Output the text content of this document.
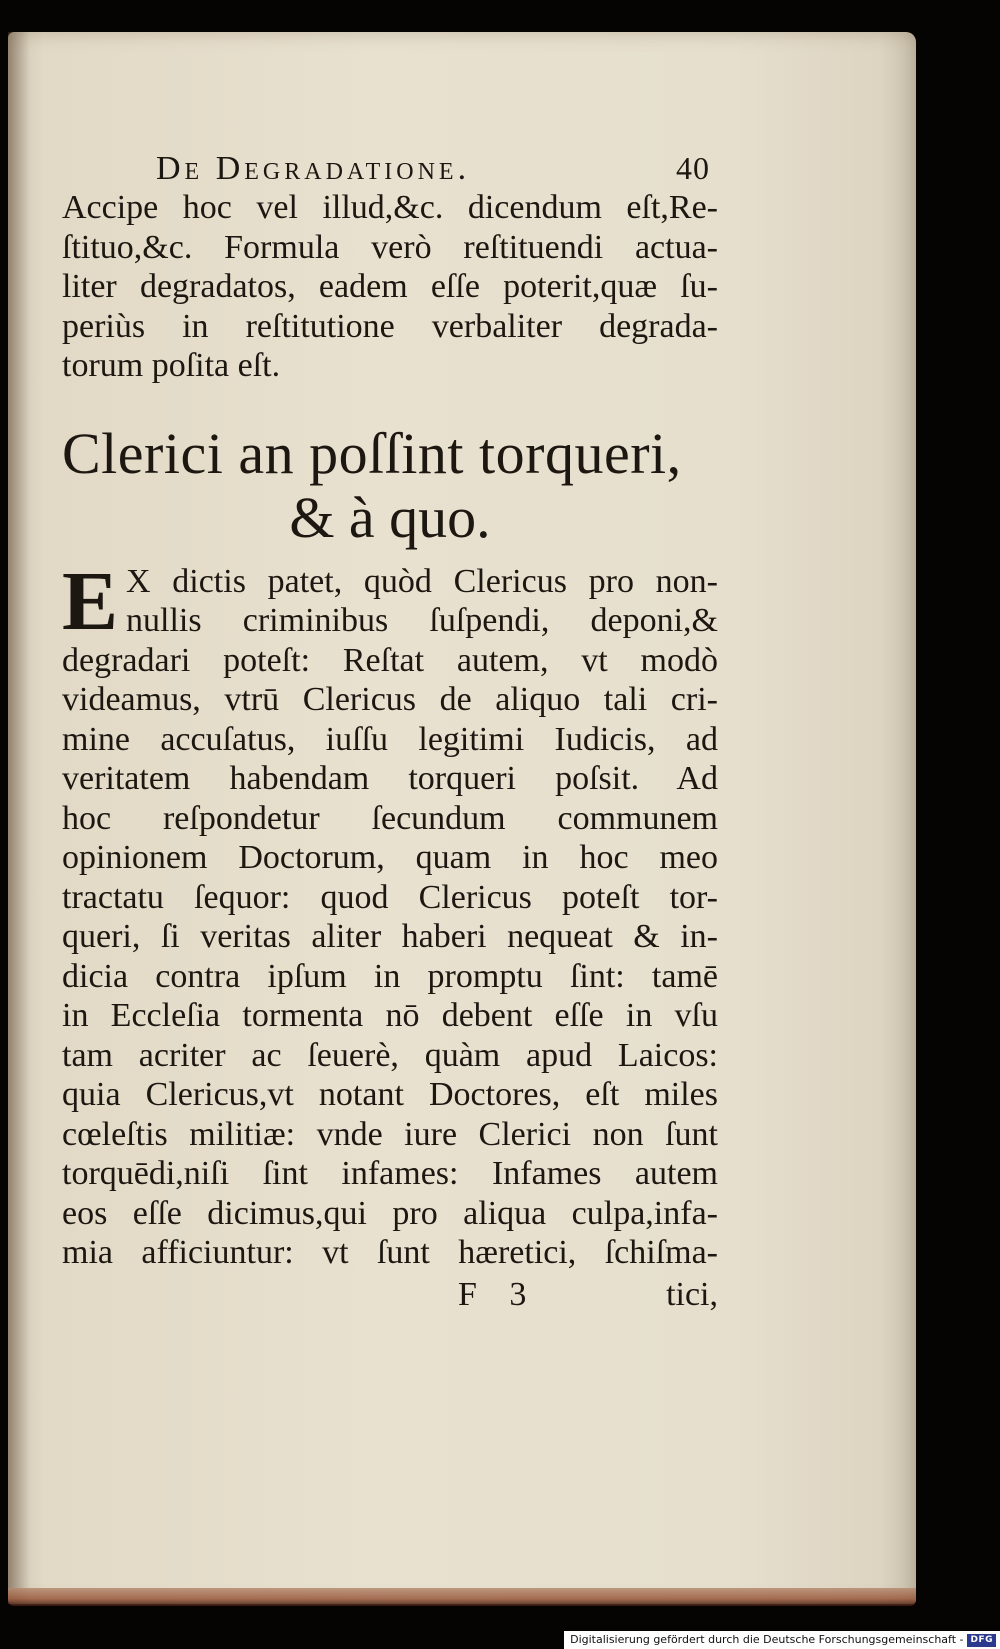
De Degradatione.	40
Accipe hoc vel illud,&c. dicendum eſt,Re-
ſtituo,&c. Formula verò reſtituendi actua-
liter degradatos, eadem eſſe poterit,quæ ſu-
periùs in reſtitutione verbaliter degrada-
torum poſita eſt.
Clerici an poſſint torqueri,
& à quo.
E X dictis patet, quòd Clericus pro non-
nullis criminibus ſuſpendi, deponi,&
degradari poteſt: Reſtat autem, vt modò
videamus, vtrū Clericus de aliquo tali cri-
mine accuſatus, iuſſu legitimi Iudicis, ad
veritatem habendam torqueri poſsit. Ad
hoc reſpondetur ſecundum communem
opinionem Doctorum, quam in hoc meo
tractatu ſequor: quod Clericus poteſt tor-
queri, ſi veritas aliter haberi nequeat & in-
dicia contra ipſum in promptu ſint: tamē
in Eccleſia tormenta nō debent eſſe in vſu
tam acriter ac ſeuerè, quàm apud Laicos:
quia Clericus,vt notant Doctores, eſt miles
cœleſtis militiæ: vnde iure Clerici non ſunt
torquēdi,niſi ſint infames: Infames autem
eos eſſe dicimus,qui pro aliqua culpa,infa-
mia afficiuntur: vt ſunt hæretici, ſchiſma-
F 3	tici,
Digitalisierung gefördert durch die Deutsche Forschungsgemeinschaft - DFG
